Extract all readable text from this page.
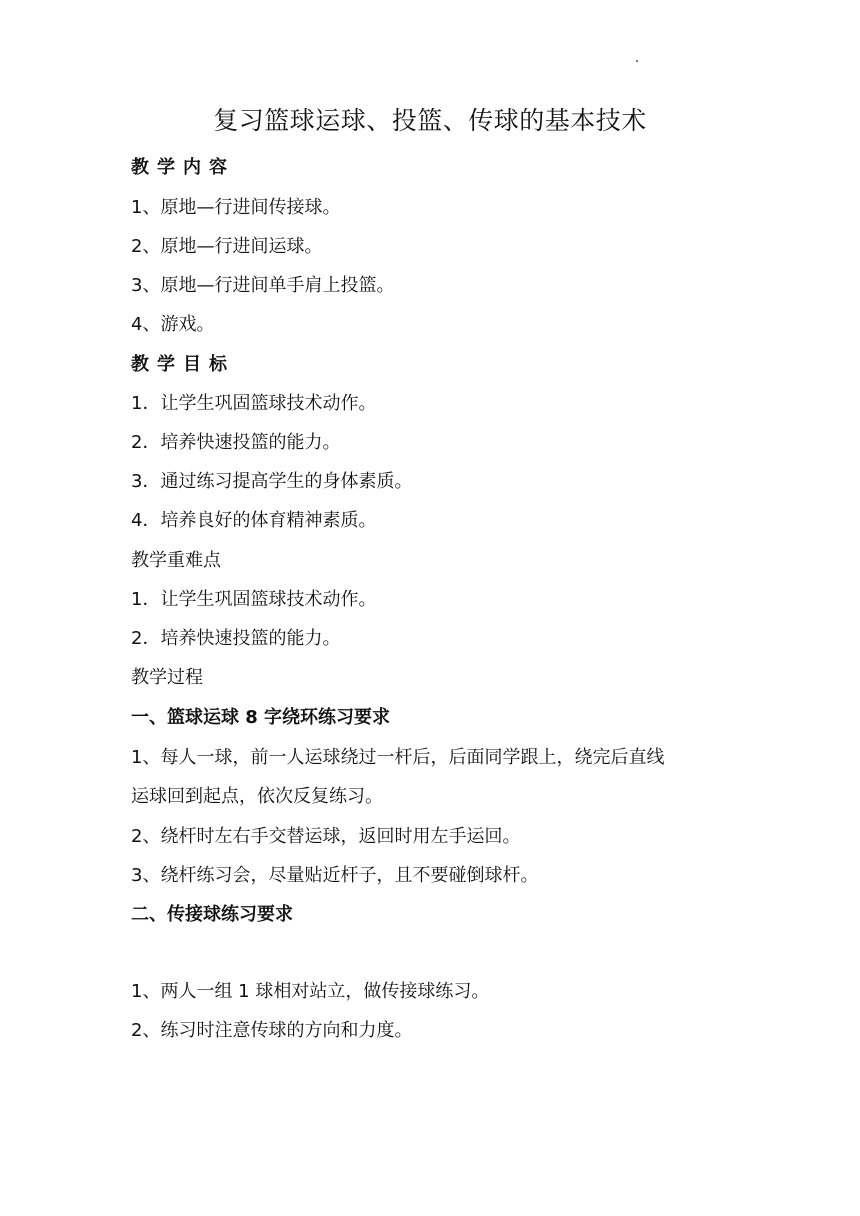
复习篮球运球、投篮、传球的基本技术
教学内容
1、原地—行进间传接球。
2、原地—行进间运球。
3、原地—行进间单手肩上投篮。
4、游戏。
教学目标
1．让学生巩固篮球技术动作。
2．培养快速投篮的能力。
3．通过练习提高学生的身体素质。
4．培养良好的体育精神素质。
教学重难点
1．让学生巩固篮球技术动作。
2．培养快速投篮的能力。
教学过程
一、篮球运球 8 字绕环练习要求
1、每人一球，前一人运球绕过一杆后，后面同学跟上，绕完后直线
运球回到起点，依次反复练习。
2、绕杆时左右手交替运球，返回时用左手运回。
3、绕杆练习会，尽量贴近杆子，且不要碰倒球杆。
二、传接球练习要求
1、两人一组 1 球相对站立，做传接球练习。
2、练习时注意传球的方向和力度。
